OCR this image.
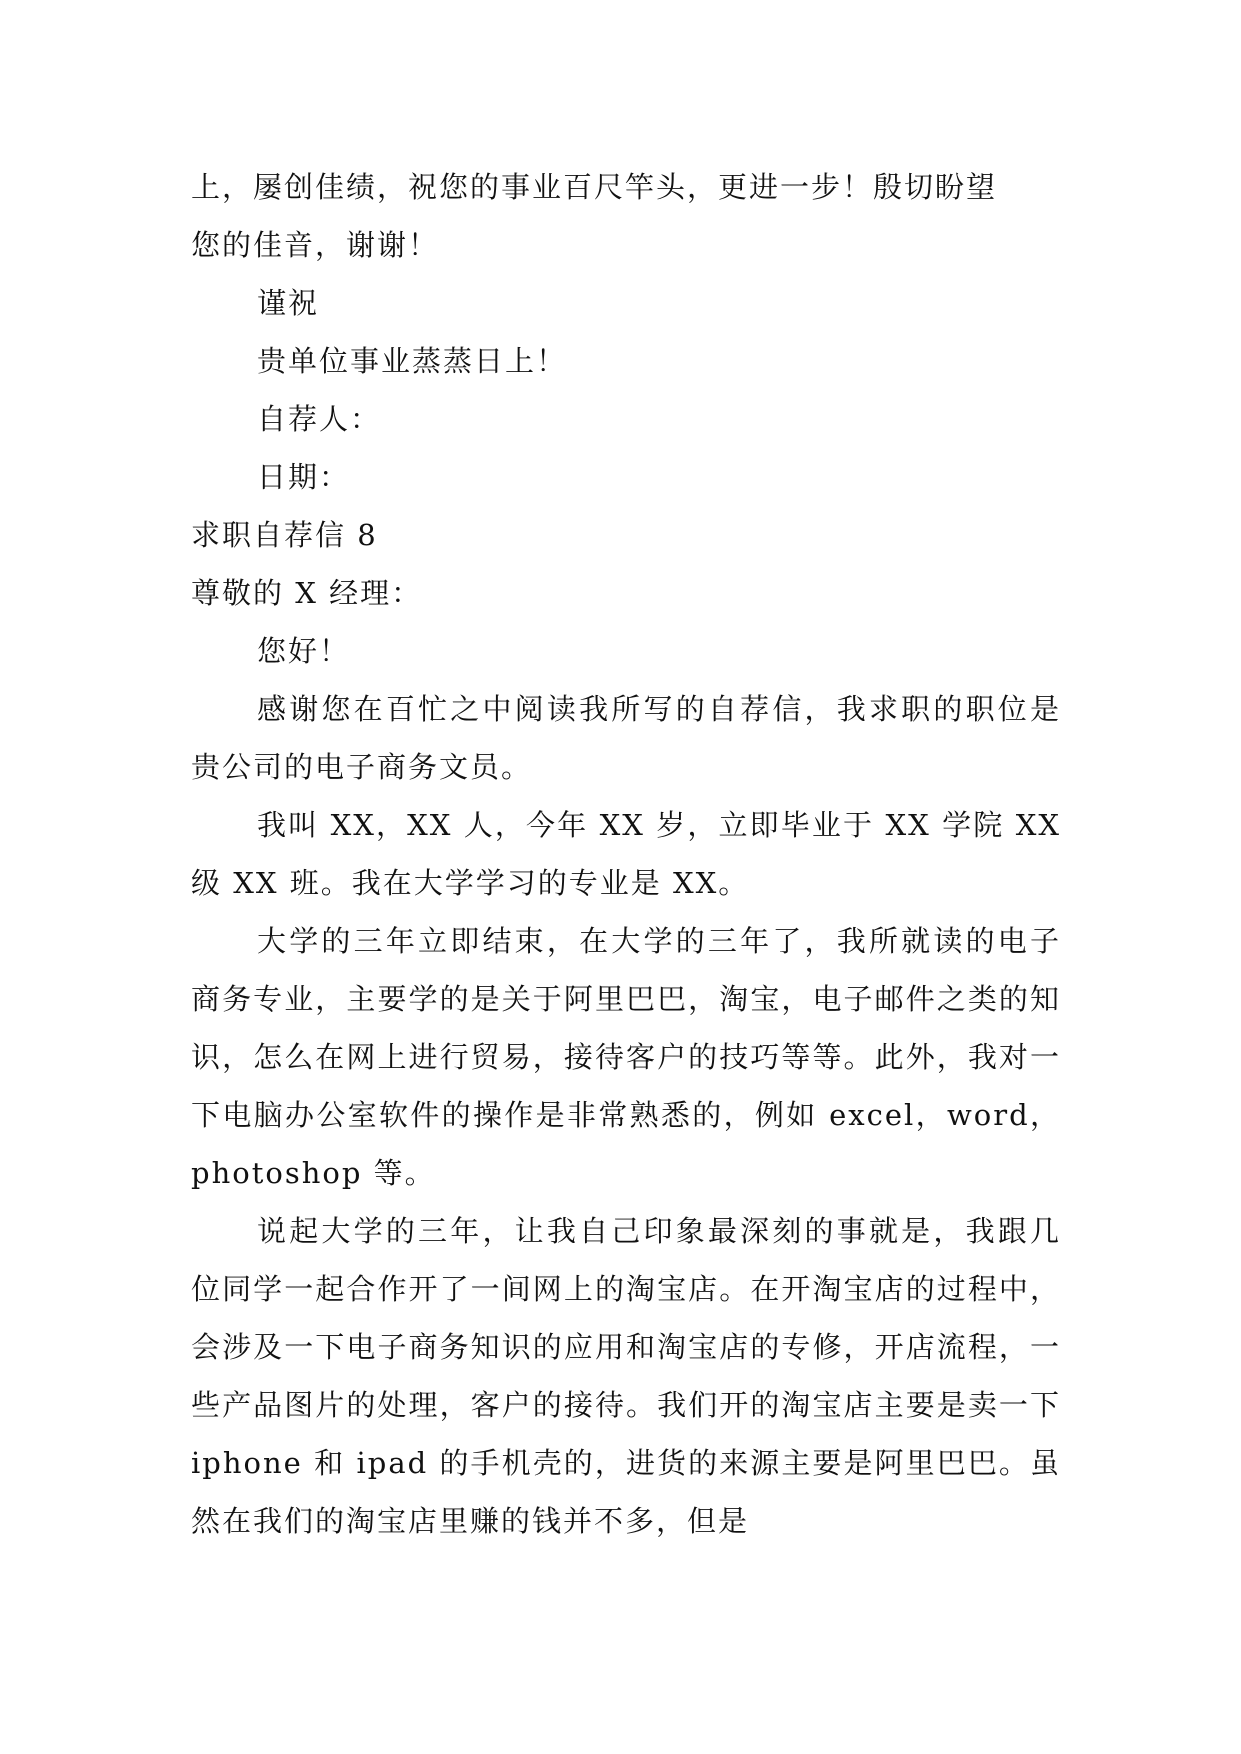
上，屡创佳绩，祝您的事业百尺竿头，更进一步！殷切盼望
您的佳音，谢谢！
谨祝
贵单位事业蒸蒸日上！
自荐人：
日期：
求职自荐信 8
尊敬的 X 经理：
您好！
感谢您在百忙之中阅读我所写的自荐信，我求职的职位是贵公司的电子商务文员。
我叫 XX，XX 人，今年 XX 岁，立即毕业于 XX 学院 XX 级 XX 班。我在大学学习的专业是 XX。
大学的三年立即结束，在大学的三年了，我所就读的电子商务专业，主要学的是关于阿里巴巴，淘宝，电子邮件之类的知识，怎么在网上进行贸易，接待客户的技巧等等。此外，我对一下电脑办公室软件的操作是非常熟悉的，例如 excel，word，photoshop 等。
说起大学的三年，让我自己印象最深刻的事就是，我跟几位同学一起合作开了一间网上的淘宝店。在开淘宝店的过程中，会涉及一下电子商务知识的应用和淘宝店的专修，开店流程，一些产品图片的处理，客户的接待。我们开的淘宝店主要是卖一下 iphone 和 ipad 的手机壳的，进货的来源主要是阿里巴巴。虽然在我们的淘宝店里赚的钱并不多，但是
